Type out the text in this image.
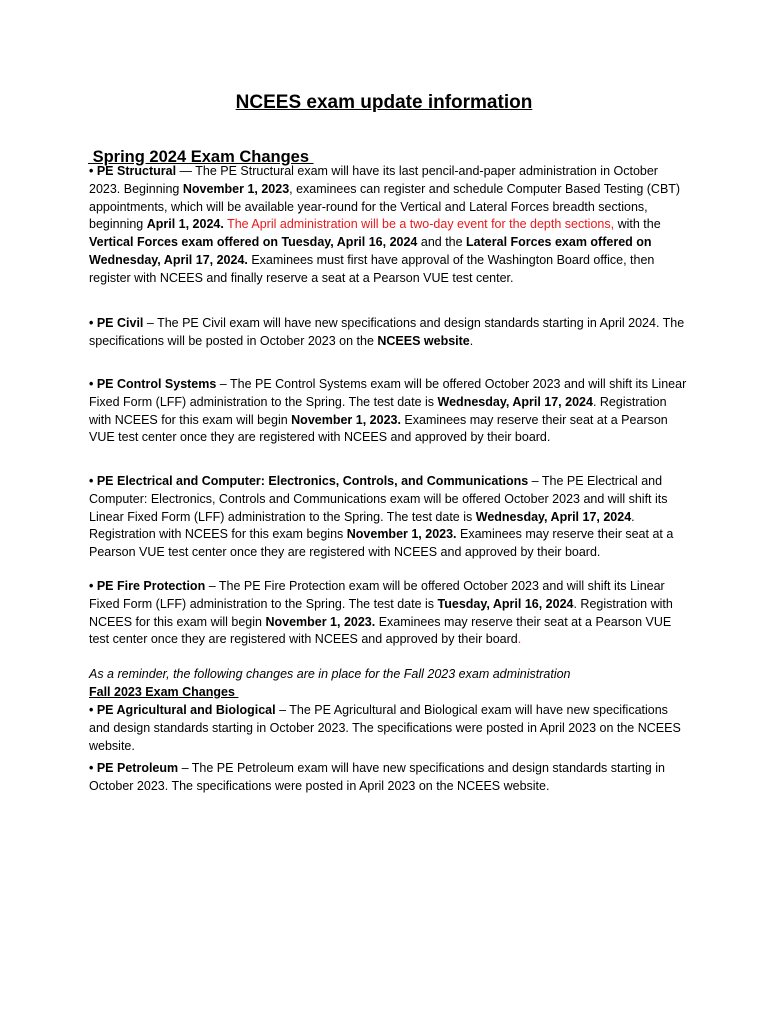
NCEES exam update information
Spring 2024 Exam Changes

• PE Structural — The PE Structural exam will have its last pencil-and-paper administration in October 2023. Beginning November 1, 2023, examinees can register and schedule Computer Based Testing (CBT) appointments, which will be available year-round for the Vertical and Lateral Forces breadth sections, beginning April 1, 2024. The April administration will be a two-day event for the depth sections, with the Vertical Forces exam offered on Tuesday, April 16, 2024 and the Lateral Forces exam offered on Wednesday, April 17, 2024. Examinees must first have approval of the Washington Board office, then register with NCEES and finally reserve a seat at a Pearson VUE test center.

• PE Civil – The PE Civil exam will have new specifications and design standards starting in April 2024. The specifications will be posted in October 2023 on the NCEES website.

• PE Control Systems – The PE Control Systems exam will be offered October 2023 and will shift its Linear Fixed Form (LFF) administration to the Spring. The test date is Wednesday, April 17, 2024. Registration with NCEES for this exam will begin November 1, 2023. Examinees may reserve their seat at a Pearson VUE test center once they are registered with NCEES and approved by their board.

• PE Electrical and Computer: Electronics, Controls, and Communications – The PE Electrical and Computer: Electronics, Controls and Communications exam will be offered October 2023 and will shift its Linear Fixed Form (LFF) administration to the Spring. The test date is Wednesday, April 17, 2024. Registration with NCEES for this exam begins November 1, 2023. Examinees may reserve their seat at a Pearson VUE test center once they are registered with NCEES and approved by their board.

• PE Fire Protection – The PE Fire Protection exam will be offered October 2023 and will shift its Linear Fixed Form (LFF) administration to the Spring. The test date is Tuesday, April 16, 2024. Registration with NCEES for this exam will begin November 1, 2023. Examinees may reserve their seat at a Pearson VUE test center once they are registered with NCEES and approved by their board.

As a reminder, the following changes are in place for the Fall 2023 exam administration

Fall 2023 Exam Changes

• PE Agricultural and Biological – The PE Agricultural and Biological exam will have new specifications and design standards starting in October 2023. The specifications were posted in April 2023 on the NCEES website.

• PE Petroleum – The PE Petroleum exam will have new specifications and design standards starting in October 2023. The specifications were posted in April 2023 on the NCEES website.
